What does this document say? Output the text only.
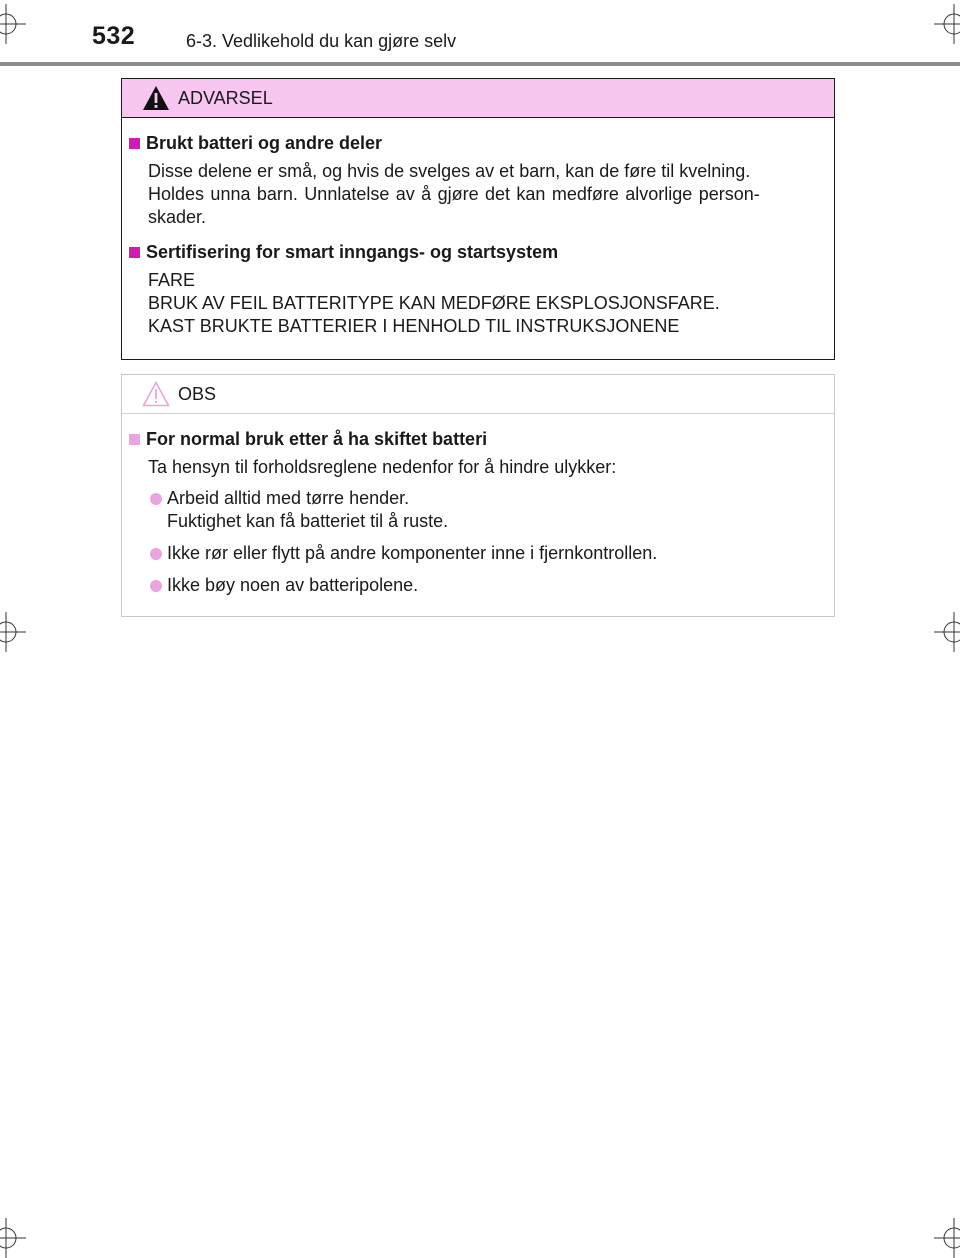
532	6-3. Vedlikehold du kan gjøre selv
ADVARSEL
Brukt batteri og andre deler
Disse delene er små, og hvis de svelges av et barn, kan de føre til kvelning.
Holdes unna barn. Unnlatelse av å gjøre det kan medføre alvorlige person-
skader.
Sertifisering for smart inngangs- og startsystem
FARE
BRUK AV FEIL BATTERITYPE KAN MEDFØRE EKSPLOSJONSFARE.
KAST BRUKTE BATTERIER I HENHOLD TIL INSTRUKSJONENE
OBS
For normal bruk etter å ha skiftet batteri
Ta hensyn til forholdsreglene nedenfor for å hindre ulykker:
Arbeid alltid med tørre hender.
Fuktighet kan få batteriet til å ruste.
Ikke rør eller flytt på andre komponenter inne i fjernkontrollen.
Ikke bøy noen av batteripolene.
